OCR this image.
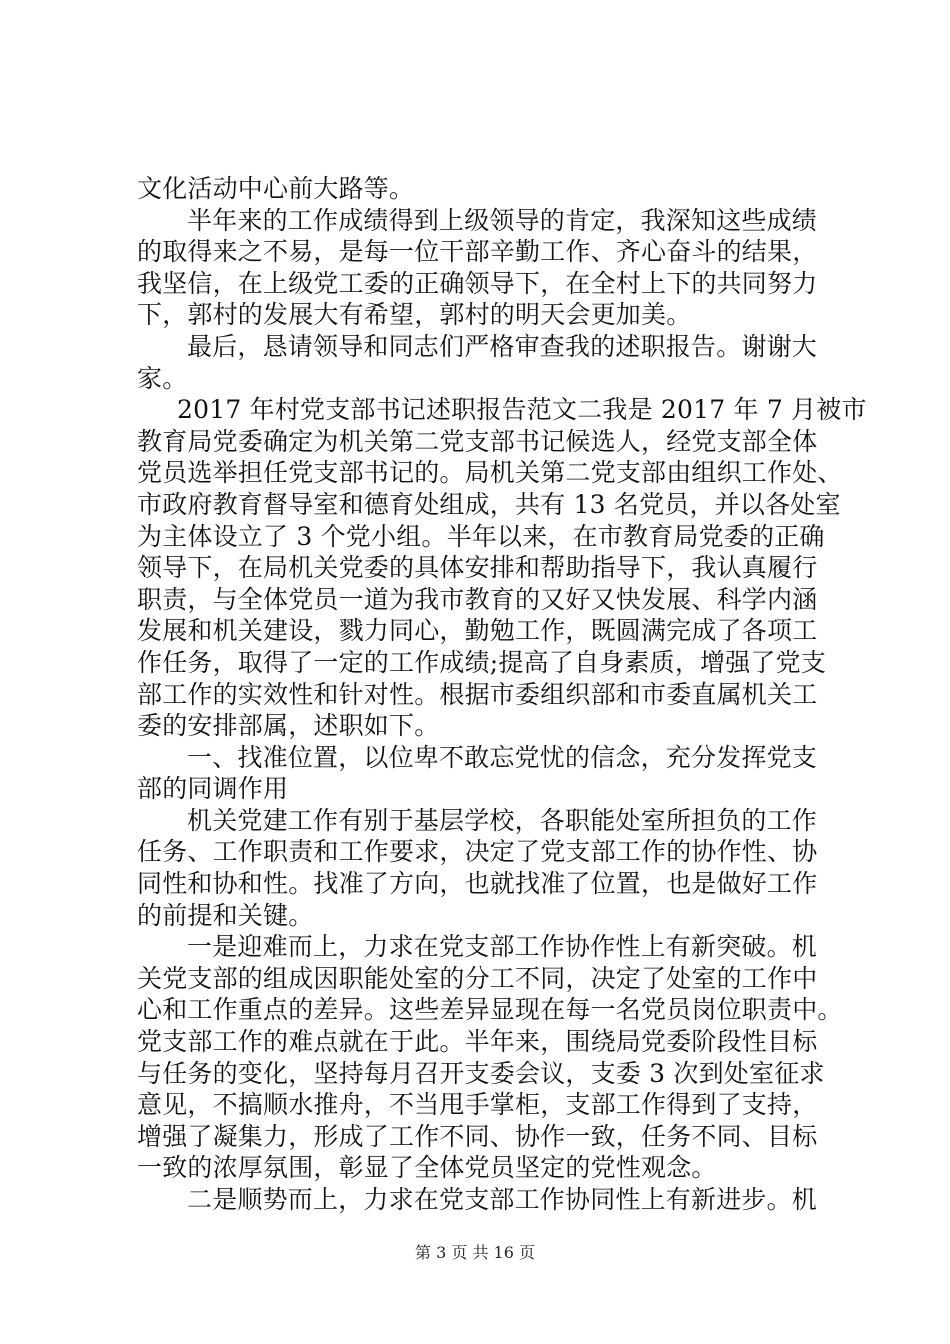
文化活动中心前大路等。
半年来的工作成绩得到上级领导的肯定，我深知这些成绩
的取得来之不易，是每一位干部辛勤工作、齐心奋斗的结果，
我坚信，在上级党工委的正确领导下，在全村上下的共同努力
下，郭村的发展大有希望，郭村的明天会更加美。
最后，恳请领导和同志们严格审查我的述职报告。谢谢大
家。
2017 年村党支部书记述职报告范文二我是 2017 年 7 月被市
教育局党委确定为机关第二党支部书记候选人，经党支部全体
党员选举担任党支部书记的。局机关第二党支部由组织工作处、
市政府教育督导室和德育处组成，共有 13 名党员，并以各处室
为主体设立了 3 个党小组。半年以来，在市教育局党委的正确
领导下，在局机关党委的具体安排和帮助指导下，我认真履行
职责，与全体党员一道为我市教育的又好又快发展、科学内涵
发展和机关建设，戮力同心，勤勉工作，既圆满完成了各项工
作任务，取得了一定的工作成绩;提高了自身素质，增强了党支
部工作的实效性和针对性。根据市委组织部和市委直属机关工
委的安排部属，述职如下。
一、找准位置，以位卑不敢忘党忧的信念，充分发挥党支
部的同调作用
机关党建工作有别于基层学校，各职能处室所担负的工作
任务、工作职责和工作要求，决定了党支部工作的协作性、协
同性和协和性。找准了方向，也就找准了位置，也是做好工作
的前提和关键。
一是迎难而上，力求在党支部工作协作性上有新突破。机
关党支部的组成因职能处室的分工不同，决定了处室的工作中
心和工作重点的差异。这些差异显现在每一名党员岗位职责中。
党支部工作的难点就在于此。半年来，围绕局党委阶段性目标
与任务的变化，坚持每月召开支委会议，支委 3 次到处室征求
意见，不搞顺水推舟，不当甩手掌柜，支部工作得到了支持，
增强了凝集力，形成了工作不同、协作一致，任务不同、目标
一致的浓厚氛围，彰显了全体党员坚定的党性观念。
二是顺势而上，力求在党支部工作协同性上有新进步。机
第 3 页 共 16 页
